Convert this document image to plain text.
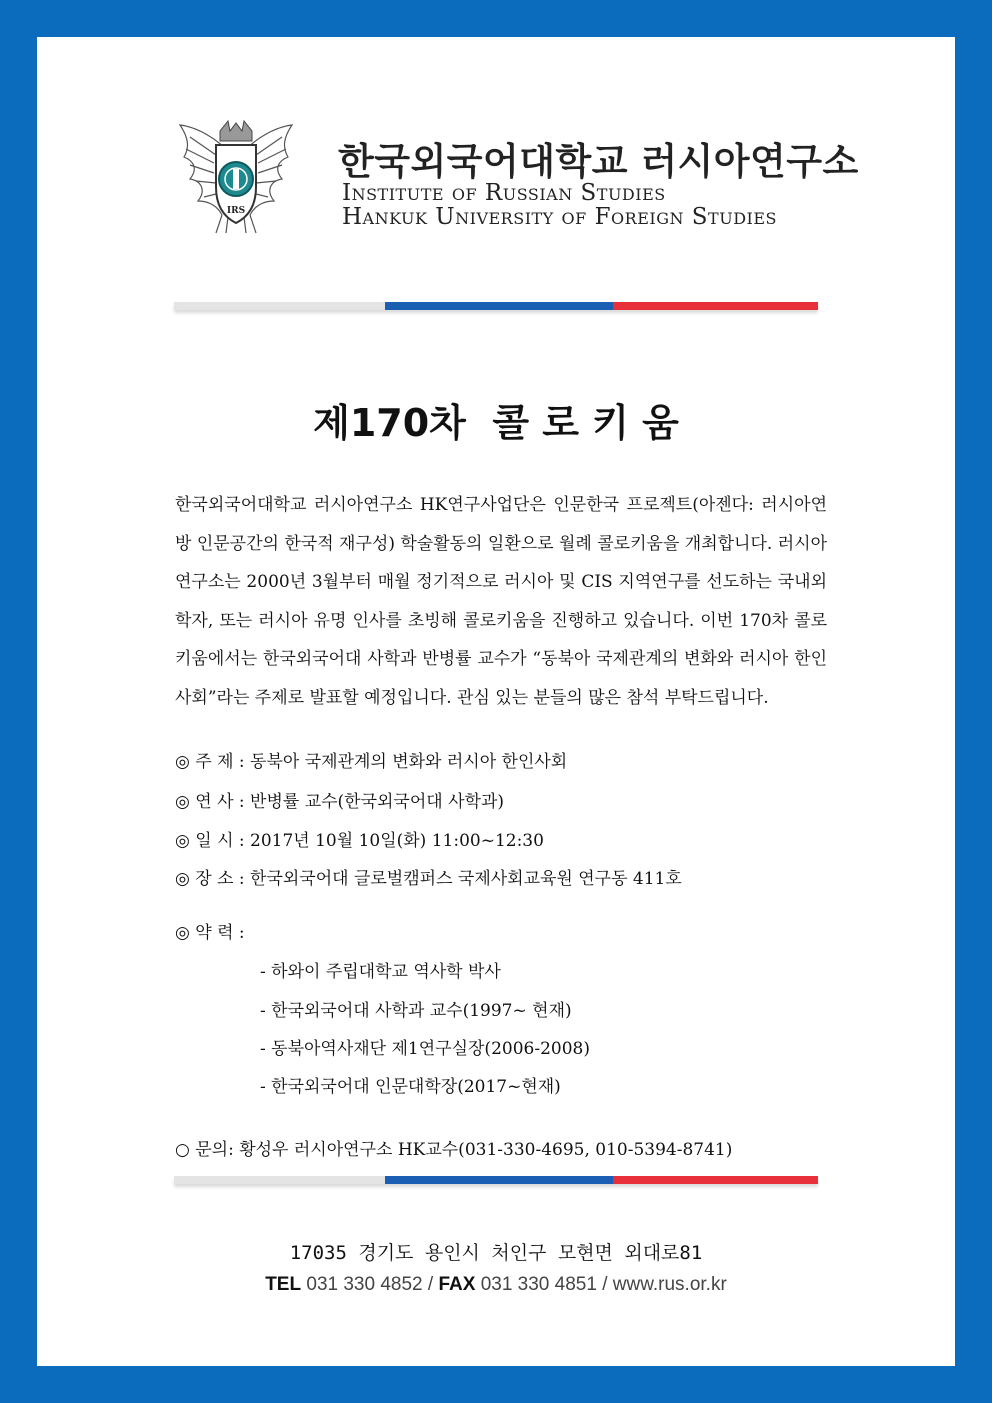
IRS
한국외국어대학교 러시아연구소
Institute of Russian Studies
Hankuk University of Foreign Studies
제170차  콜 로 키 움
한국외국어대학교 러시아연구소 HK연구사업단은 인문한국 프로젝트(아젠다: 러시아연방 인문공간의 한국적 재구성) 학술활동의 일환으로 월례 콜로키움을 개최합니다. 러시아연구소는 2000년 3월부터 매월 정기적으로 러시아 및 CIS 지역연구를 선도하는 국내외 학자, 또는 러시아 유명 인사를 초빙해 콜로키움을 진행하고 있습니다. 이번 170차 콜로키움에서는 한국외국어대 사학과 반병률 교수가 “동북아 국제관계의 변화와 러시아 한인사회”라는 주제로 발표할 예정입니다. 관심 있는 분들의 많은 참석 부탁드립니다.
◎ 주 제 : 동북아 국제관계의 변화와 러시아 한인사회
◎ 연 사 : 반병률 교수(한국외국어대 사학과)
◎ 일 시 : 2017년 10월 10일(화) 11:00~12:30
◎ 장 소 : 한국외국어대 글로벌캠퍼스 국제사회교육원 연구동 411호
◎ 약 력 :
- 하와이 주립대학교 역사학 박사
- 한국외국어대 사학과 교수(1997~ 현재)
- 동북아역사재단 제1연구실장(2006-2008)
- 한국외국어대 인문대학장(2017~현재)
○ 문의: 황성우 러시아연구소 HK교수(031-330-4695, 010-5394-8741)
17035 경기도 용인시 처인구 모현면 외대로81
TEL 031 330 4852 / FAX 031 330 4851 / www.rus.or.kr
